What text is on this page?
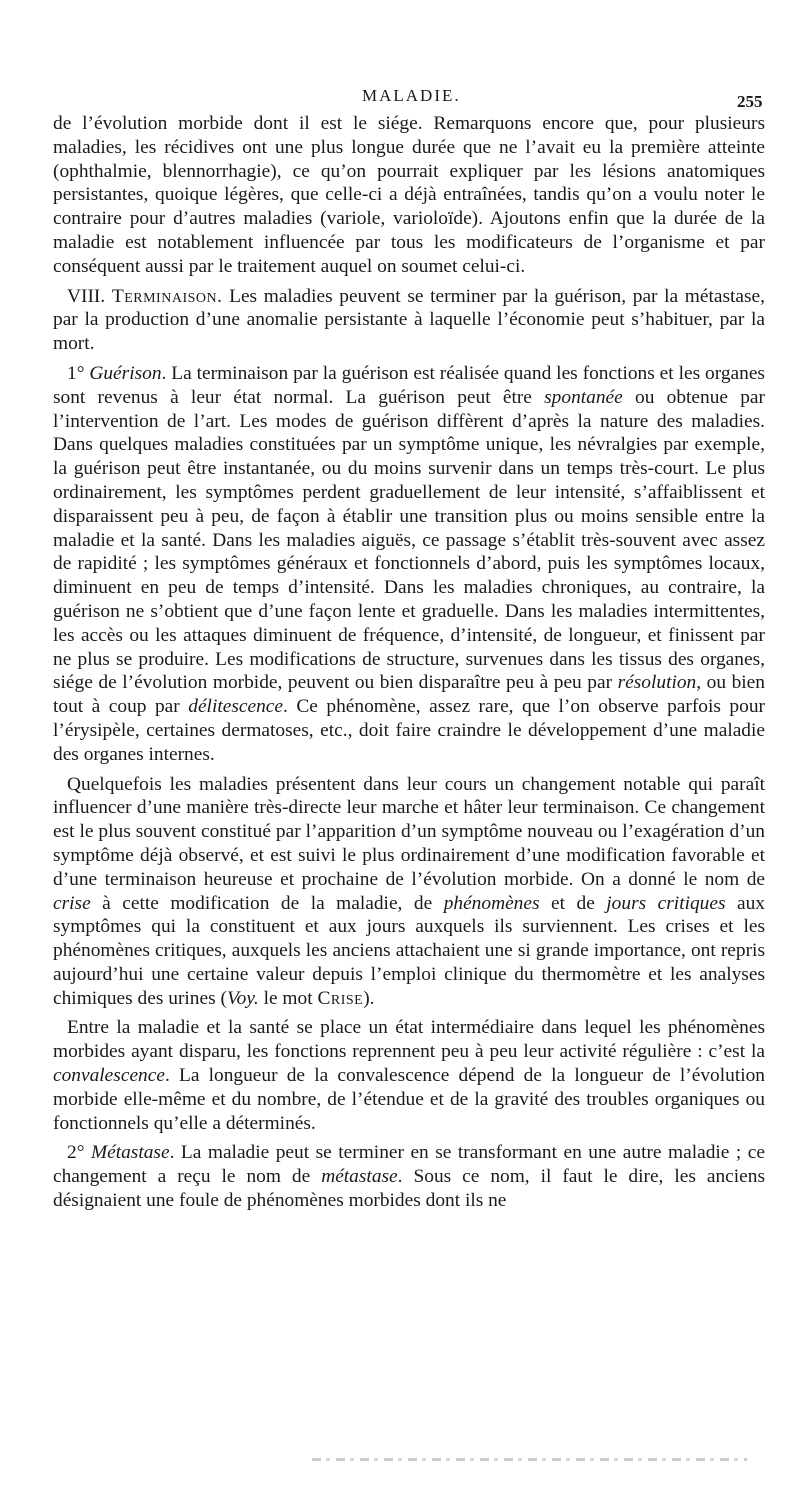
MALADIE.	255

de l’évolution morbide dont il est le siége. Remarquons encore que, pour plusieurs maladies, les récidives ont une plus longue durée que ne l’avait eu la première atteinte (ophthalmie, blennorrhagie), ce qu’on pourrait expliquer par les lésions anatomiques persistantes, quoique légères, que celle-ci a déjà entraînées, tandis qu’on a voulu noter le contraire pour d’autres maladies (variole, varioloïde). Ajoutons enfin que la durée de la maladie est notablement influencée par tous les modificateurs de l’organisme et par conséquent aussi par le traitement auquel on soumet celui-ci.

VIII. Terminaison. Les maladies peuvent se terminer par la guérison, par la métastase, par la production d’une anomalie persistante à laquelle l’économie peut s’habituer, par la mort.

1° Guérison. La terminaison par la guérison est réalisée quand les fonctions et les organes sont revenus à leur état normal. La guérison peut être spontanée ou obtenue par l’intervention de l’art. Les modes de guérison diffèrent d’après la nature des maladies. Dans quelques maladies constituées par un symptôme unique, les névralgies par exemple, la guérison peut être instantanée, ou du moins survenir dans un temps très-court. Le plus ordinairement, les symptômes perdent graduellement de leur intensité, s’affaiblissent et disparaissent peu à peu, de façon à établir une transition plus ou moins sensible entre la maladie et la santé. Dans les maladies aiguës, ce passage s’établit très-souvent avec assez de rapidité ; les symptômes généraux et fonctionnels d’abord, puis les symptômes locaux, diminuent en peu de temps d’intensité. Dans les maladies chroniques, au contraire, la guérison ne s’obtient que d’une façon lente et graduelle. Dans les maladies intermittentes, les accès ou les attaques diminuent de fréquence, d’intensité, de longueur, et finissent par ne plus se produire. Les modifications de structure, survenues dans les tissus des organes, siége de l’évolution morbide, peuvent ou bien disparaître peu à peu par résolution, ou bien tout à coup par délitescence. Ce phénomène, assez rare, que l’on observe parfois pour l’érysipèle, certaines dermatoses, etc., doit faire craindre le développement d’une maladie des organes internes.

Quelquefois les maladies présentent dans leur cours un changement notable qui paraît influencer d’une manière très-directe leur marche et hâter leur terminaison. Ce changement est le plus souvent constitué par l’apparition d’un symptôme nouveau ou l’exagération d’un symptôme déjà observé, et est suivi le plus ordinairement d’une modification favorable et d’une terminaison heureuse et prochaine de l’évolution morbide. On a donné le nom de crise à cette modification de la maladie, de phénomènes et de jours critiques aux symptômes qui la constituent et aux jours auxquels ils surviennent. Les crises et les phénomènes critiques, auxquels les anciens attachaient une si grande importance, ont repris aujourd’hui une certaine valeur depuis l’emploi clinique du thermomètre et les analyses chimiques des urines (Voy. le mot Crise).

Entre la maladie et la santé se place un état intermédiaire dans lequel les phénomènes morbides ayant disparu, les fonctions reprennent peu à peu leur activité régulière : c’est la convalescence. La longueur de la convalescence dépend de la longueur de l’évolution morbide elle-même et du nombre, de l’étendue et de la gravité des troubles organiques ou fonctionnels qu’elle a déterminés.

2° Métastase. La maladie peut se terminer en se transformant en une autre maladie ; ce changement a reçu le nom de métastase. Sous ce nom, il faut le dire, les anciens désignaient une foule de phénomènes morbides dont ils ne
